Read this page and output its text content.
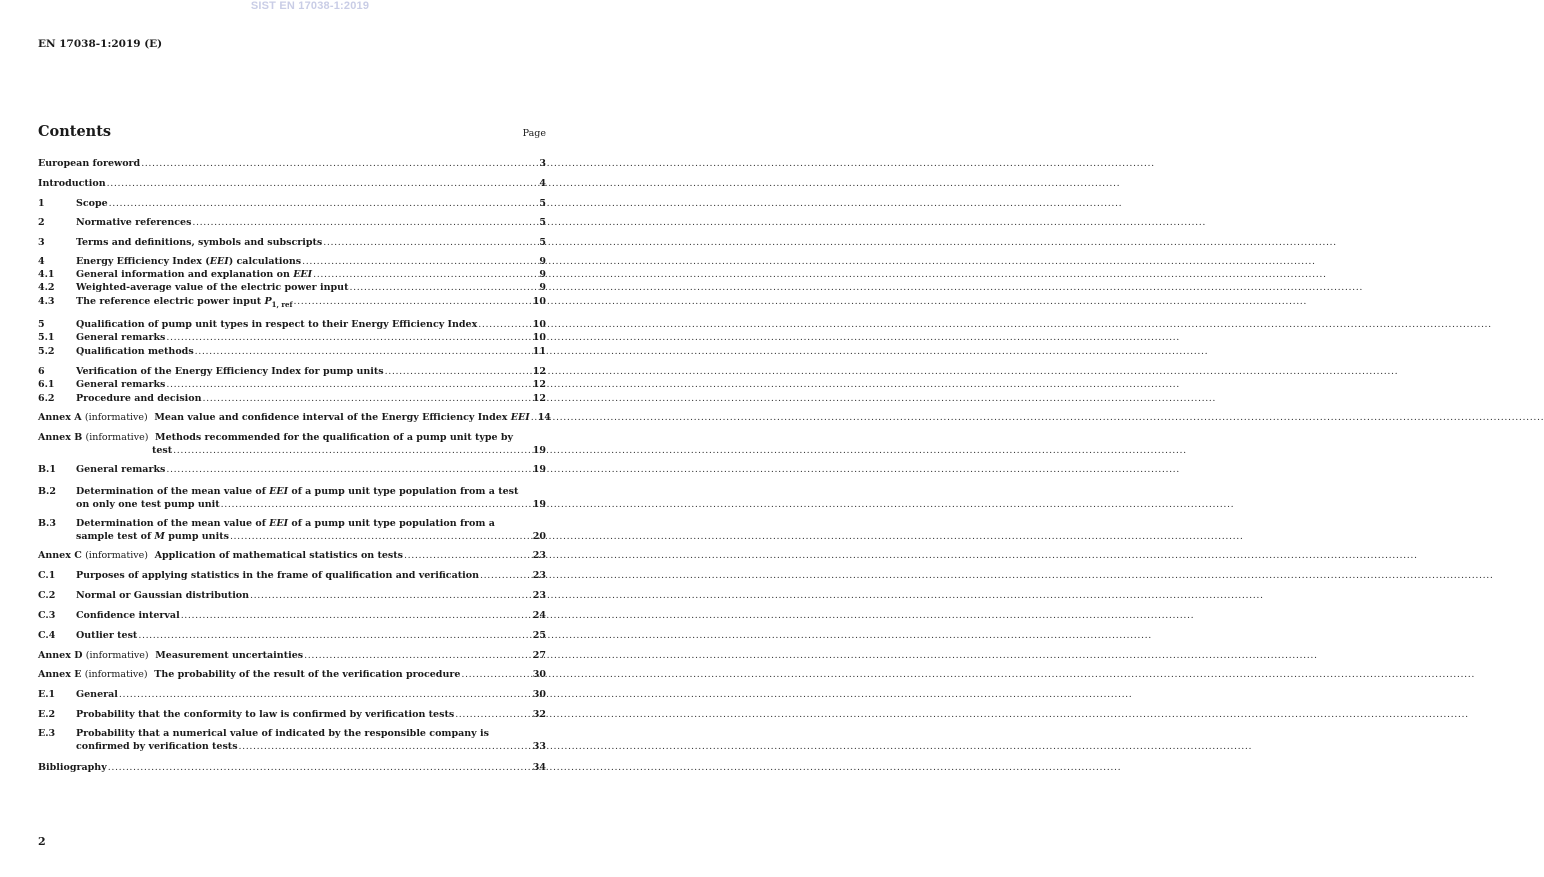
SIST EN 17038-1:2019
EN 17038-1:2019 (E)
Contents	Page
European foreword .....	3
Introduction .....	4
1	Scope .....	5
2	Normative references .....	5
3	Terms and definitions, symbols and subscripts .....	5
4	Energy Efficiency Index (EEI) calculations .....	9
4.1	General information and explanation on EEI .....	9
4.2	Weighted-average value of the electric power input .....	9
4.3	The reference electric power input $P_{1, ref}$ .....	10
5	Qualification of pump unit types in respect to their Energy Efficiency Index .....	10
5.1	General remarks .....	10
5.2	Qualification methods .....	11
6	Verification of the Energy Efficiency Index for pump units .....	12
6.1	General remarks .....	12
6.2	Procedure and decision .....	12
Annex A (informative) Mean value and confidence interval of the Energy Efficiency Index EEI ..... 14
Annex B (informative) Methods recommended for the qualification of a pump unit type by
test .....	19
B.1	General remarks .....	19
B.2	Determination of the mean value of EEI of a pump unit type population from a test
on only one test pump unit .....	19
B.3	Determination of the mean value of EEI of a pump unit type population from a
sample test of M pump units .....	20
Annex C (informative) Application of mathematical statistics on tests .....	23
C.1	Purposes of applying statistics in the frame of qualification and verification .....	23
C.2	Normal or Gaussian distribution .....	23
C.3	Confidence interval .....	24
C.4	Outlier test .....	25
Annex D (informative) Measurement uncertainties .....	27
Annex E (informative) The probability of the result of the verification procedure .....	30
E.1	General .....	30
E.2	Probability that the conformity to law is confirmed by verification tests .....	32
E.3	Probability that a numerical value of indicated by the responsible company is
confirmed by verification tests .....	33
Bibliography .....	34
2
